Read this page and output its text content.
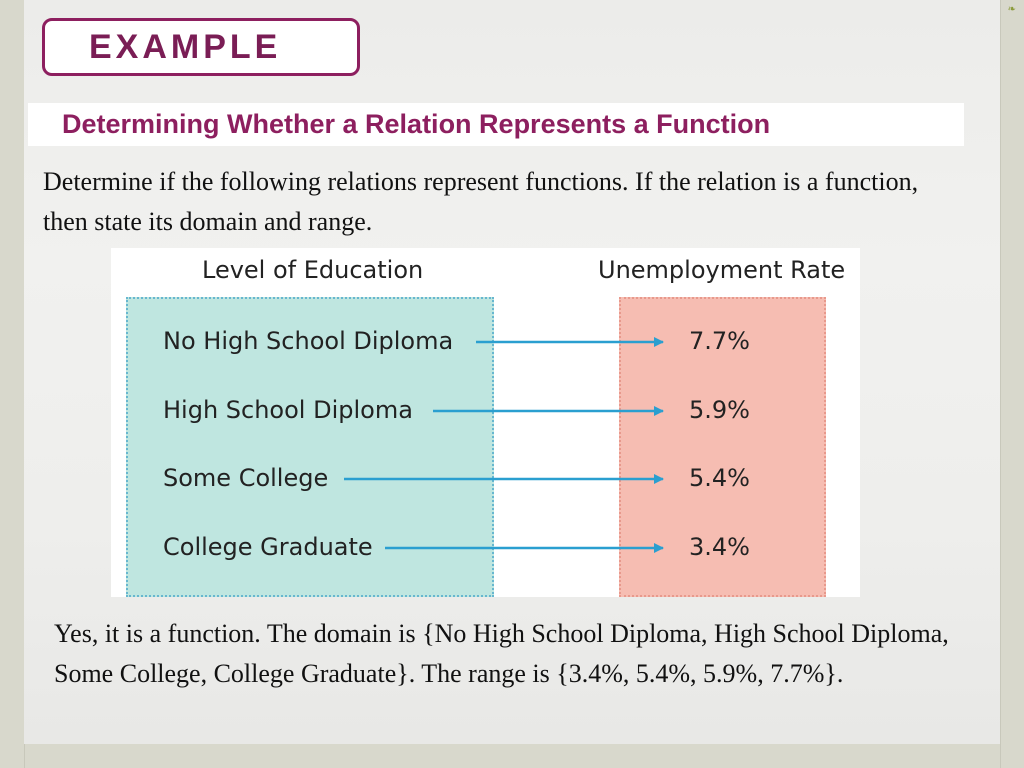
❧
EXAMPLE
Determining Whether a Relation Represents a Function
Determine if the following relations represent functions. If the relation is a function, then state its domain and range.
Level of Education	Unemployment Rate
No High School Diploma
High School Diploma
Some College
College Graduate
7.7%
5.9%
5.4%
3.4%
Yes, it is a function. The domain is {No High School Diploma, High School Diploma, Some College, College Graduate}. The range is {3.4%, 5.4%, 5.9%, 7.7%}.
